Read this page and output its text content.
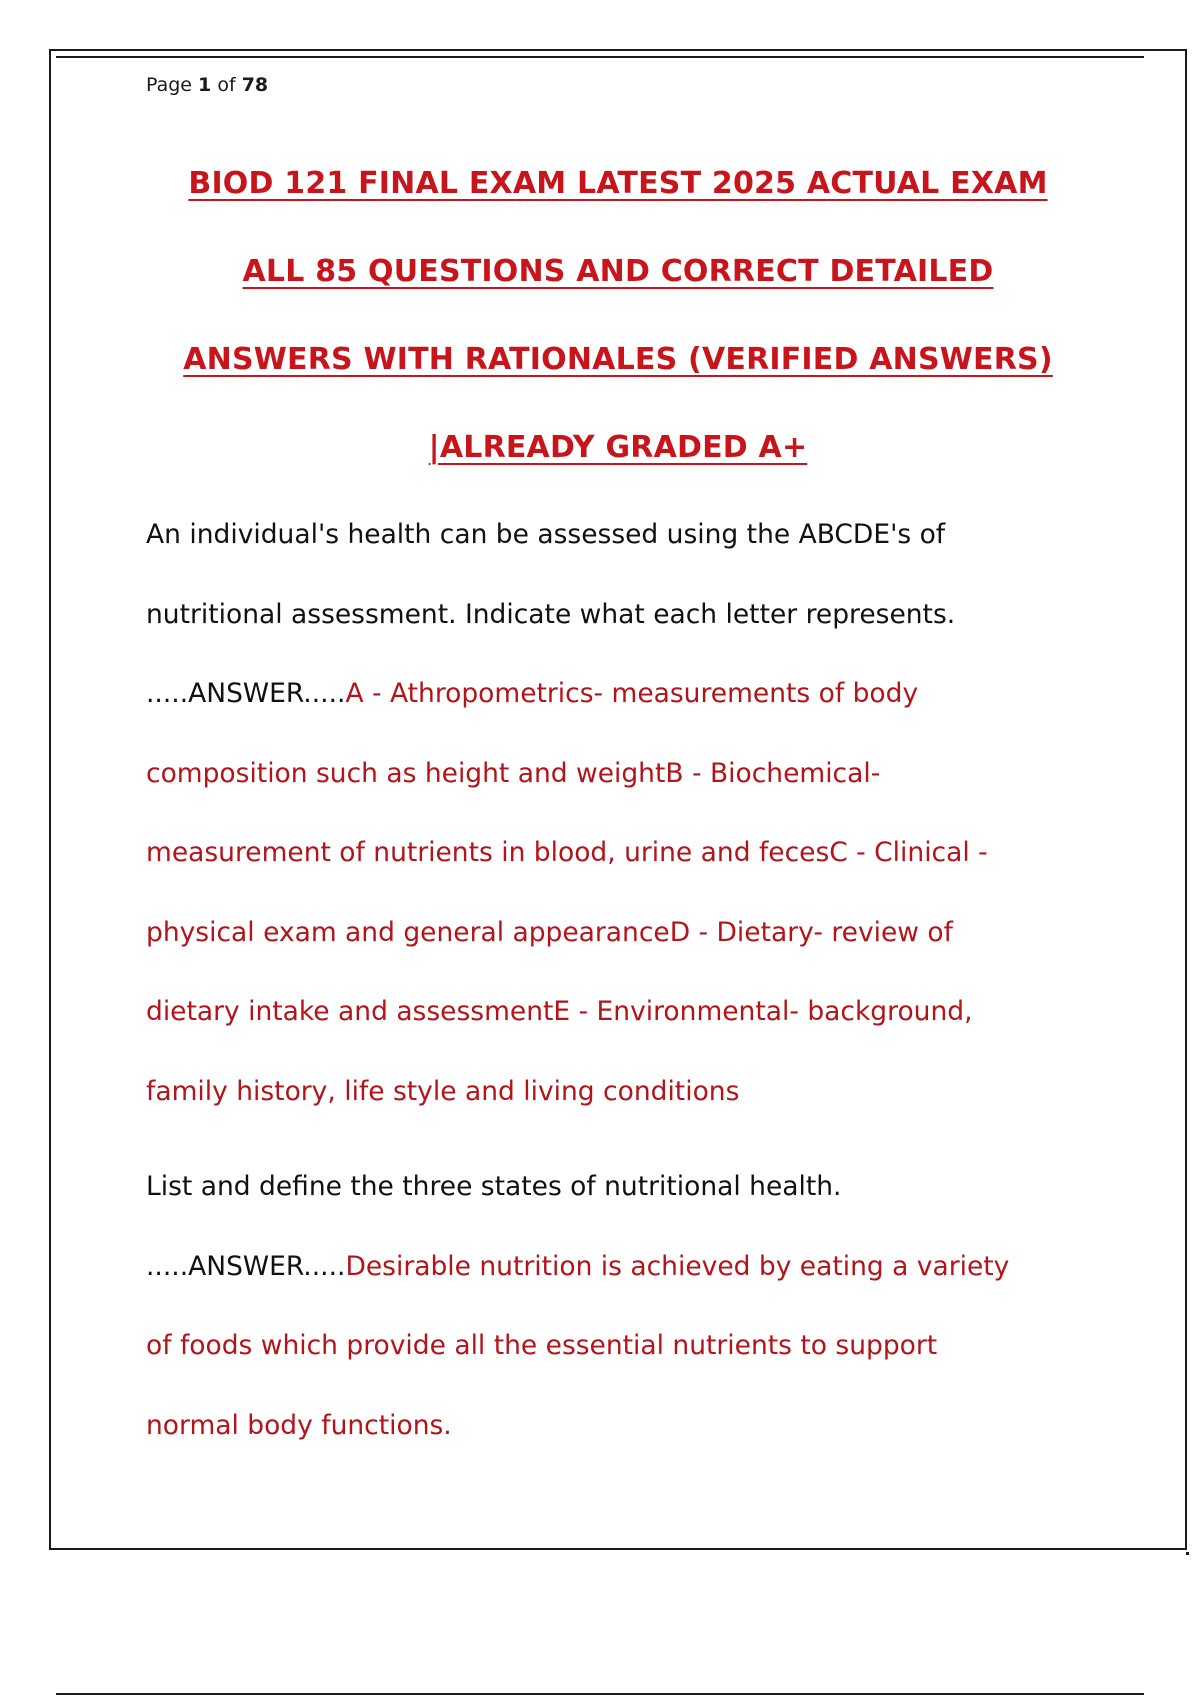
Page 1 of 78
BIOD 121 FINAL EXAM LATEST 2025 ACTUAL EXAM
ALL 85 QUESTIONS AND CORRECT DETAILED
ANSWERS WITH RATIONALES (VERIFIED ANSWERS)
|ALREADY GRADED A+
An individual's health can be assessed using the ABCDE's of
nutritional assessment. Indicate what each letter represents.
.....ANSWER.....A - Athropometrics- measurements of body
composition such as height and weightB - Biochemical-
measurement of nutrients in blood, urine and fecesC - Clinical -
physical exam and general appearanceD - Dietary- review of
dietary intake and assessmentE - Environmental- background,
family history, life style and living conditions
List and define the three states of nutritional health.
.....ANSWER.....Desirable nutrition is achieved by eating a variety
of foods which provide all the essential nutrients to support
normal body functions.
